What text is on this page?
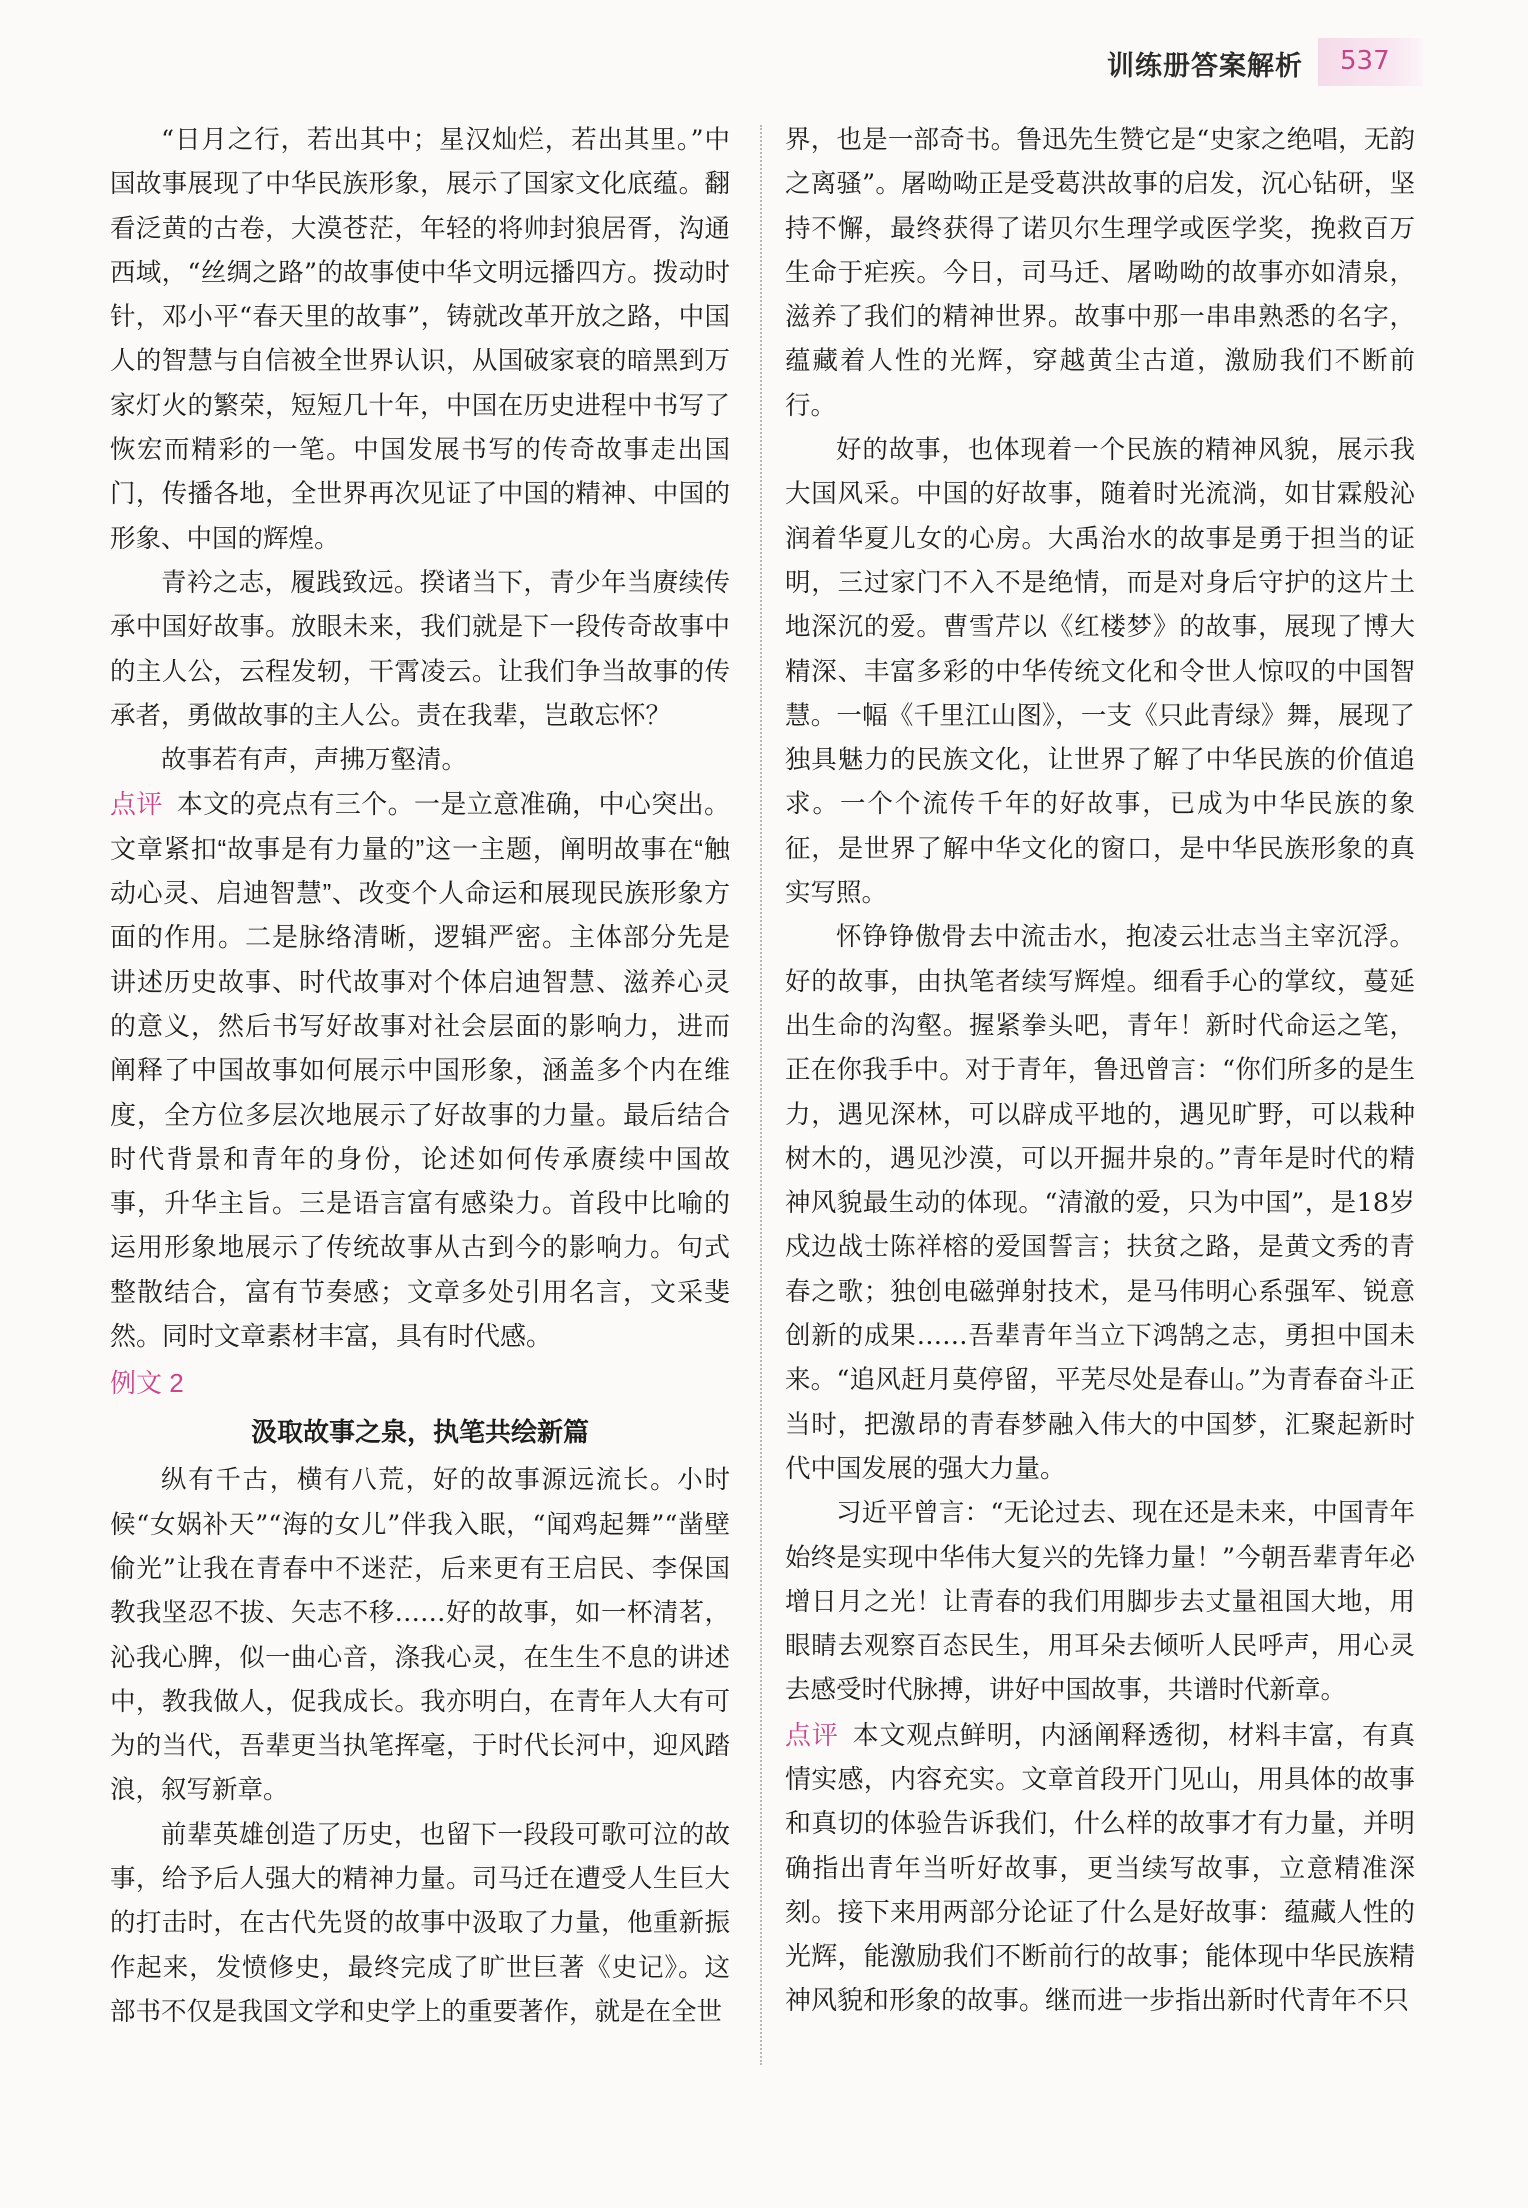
训练册答案解析 537

“日月之行，若出其中；星汉灿烂，若出其里。”中国故事展现了中华民族形象，展示了国家文化底蕴。翻看泛黄的古卷，大漠苍茫，年轻的将帅封狼居胥，沟通西域，“丝绸之路”的故事使中华文明远播四方。拨动时针，邓小平“春天里的故事”，铸就改革开放之路，中国人的智慧与自信被全世界认识，从国破家衰的暗黑到万家灯火的繁荣，短短几十年，中国在历史进程中书写了恢宏而精彩的一笔。中国发展书写的传奇故事走出国门，传播各地，全世界再次见证了中国的精神、中国的形象、中国的辉煌。

青衿之志，履践致远。揆诸当下，青少年当赓续传承中国好故事。放眼未来，我们就是下一段传奇故事中的主人公，云程发轫，干霄凌云。让我们争当故事的传承者，勇做故事的主人公。责在我辈，岂敢忘怀？

故事若有声，声拂万壑清。

点评 本文的亮点有三个。一是立意准确，中心突出。文章紧扣“故事是有力量的”这一主题，阐明故事在“触动心灵、启迪智慧”、改变个人命运和展现民族形象方面的作用。二是脉络清晰，逻辑严密。主体部分先是讲述历史故事、时代故事对个体启迪智慧、滋养心灵的意义，然后书写好故事对社会层面的影响力，进而阐释了中国故事如何展示中国形象，涵盖多个内在维度，全方位多层次地展示了好故事的力量。最后结合时代背景和青年的身份，论述如何传承赓续中国故事，升华主旨。三是语言富有感染力。首段中比喻的运用形象地展示了传统故事从古到今的影响力。句式整散结合，富有节奏感；文章多处引用名言，文采斐然。同时文章素材丰富，具有时代感。

例文 2
汲取故事之泉，执笔共绘新篇

纵有千古，横有八荒，好的故事源远流长。小时候“女娲补天”“海的女儿”伴我入眠，“闻鸡起舞”“凿壁偷光”让我在青春中不迷茫，后来更有王启民、李保国教我坚忍不拔、矢志不移……好的故事，如一杯清茗，沁我心脾，似一曲心音，涤我心灵，在生生不息的讲述中，教我做人，促我成长。我亦明白，在青年人大有可为的当代，吾辈更当执笔挥毫，于时代长河中，迎风踏浪，叙写新章。

前辈英雄创造了历史，也留下一段段可歌可泣的故事，给予后人强大的精神力量。司马迁在遭受人生巨大的打击时，在古代先贤的故事中汲取了力量，他重新振作起来，发愤修史，最终完成了旷世巨著《史记》。这部书不仅是我国文学和史学上的重要著作，就是在全世

界，也是一部奇书。鲁迅先生赞它是“史家之绝唱，无韵之离骚”。屠呦呦正是受葛洪故事的启发，沉心钻研，坚持不懈，最终获得了诺贝尔生理学或医学奖，挽救百万生命于疟疾。今日，司马迁、屠呦呦的故事亦如清泉，滋养了我们的精神世界。故事中那一串串熟悉的名字，蕴藏着人性的光辉，穿越黄尘古道，激励我们不断前行。

好的故事，也体现着一个民族的精神风貌，展示我大国风采。中国的好故事，随着时光流淌，如甘霖般沁润着华夏儿女的心房。大禹治水的故事是勇于担当的证明，三过家门不入不是绝情，而是对身后守护的这片土地深沉的爱。曹雪芹以《红楼梦》的故事，展现了博大精深、丰富多彩的中华传统文化和令世人惊叹的中国智慧。一幅《千里江山图》，一支《只此青绿》舞，展现了独具魅力的民族文化，让世界了解了中华民族的价值追求。一个个流传千年的好故事，已成为中华民族的象征，是世界了解中华文化的窗口，是中华民族形象的真实写照。

怀铮铮傲骨去中流击水，抱凌云壮志当主宰沉浮。好的故事，由执笔者续写辉煌。细看手心的掌纹，蔓延出生命的沟壑。握紧拳头吧，青年！新时代命运之笔，正在你我手中。对于青年，鲁迅曾言：“你们所多的是生力，遇见深林，可以辟成平地的，遇见旷野，可以栽种树木的，遇见沙漠，可以开掘井泉的。”青年是时代的精神风貌最生动的体现。“清澈的爱，只为中国”，是18岁戍边战士陈祥榕的爱国誓言；扶贫之路，是黄文秀的青春之歌；独创电磁弹射技术，是马伟明心系强军、锐意创新的成果……吾辈青年当立下鸿鹄之志，勇担中国未来。“追风赶月莫停留，平芜尽处是春山。”为青春奋斗正当时，把激昂的青春梦融入伟大的中国梦，汇聚起新时代中国发展的强大力量。

习近平曾言：“无论过去、现在还是未来，中国青年始终是实现中华伟大复兴的先锋力量！”今朝吾辈青年必增日月之光！让青春的我们用脚步去丈量祖国大地，用眼睛去观察百态民生，用耳朵去倾听人民呼声，用心灵去感受时代脉搏，讲好中国故事，共谱时代新章。

点评 本文观点鲜明，内涵阐释透彻，材料丰富，有真情实感，内容充实。文章首段开门见山，用具体的故事和真切的体验告诉我们，什么样的故事才有力量，并明确指出青年当听好故事，更当续写故事，立意精准深刻。接下来用两部分论证了什么是好故事：蕴藏人性的光辉，能激励我们不断前行的故事；能体现中华民族精神风貌和形象的故事。继而进一步指出新时代青年不只
